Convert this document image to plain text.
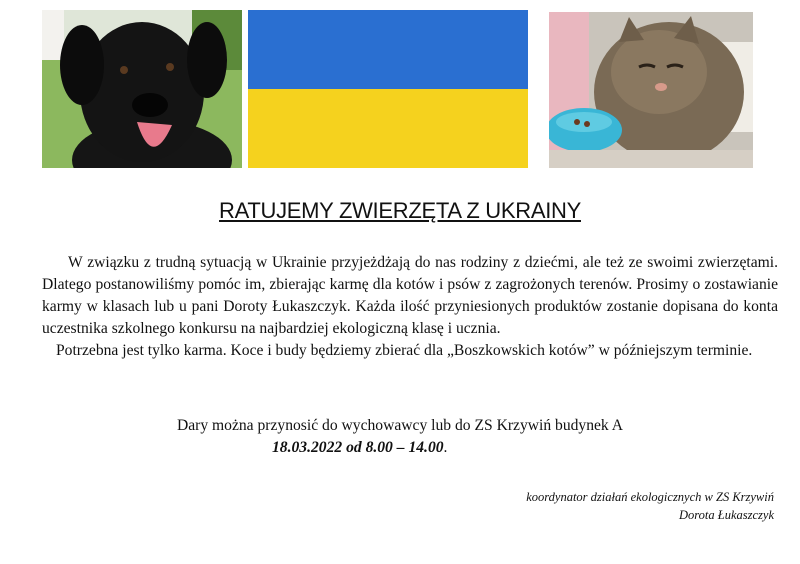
RATUJEMY ZWIERZĘTA Z UKRAINY

W związku z trudną sytuacją w Ukrainie przyjeżdżają do nas rodziny z dziećmi, ale też ze swoimi zwierzętami. Dlatego postanowiliśmy pomóc im, zbierając karmę dla kotów i psów z zagrożonych terenów. Prosimy o zostawianie karmy w klasach lub u pani Doroty Łukaszczyk. Każda ilość przyniesionych produktów zostanie dopisana do konta uczestnika szkolnego konkursu na najbardziej ekologiczną klasę i ucznia.

Potrzebna jest tylko karma. Koce i budy będziemy zbierać dla „Boszkowskich kotów” w późniejszym terminie.

Dary można przynosić do wychowawcy lub do ZS Krzywiń budynek A
18.03.2022 od 8.00 – 14.00.
koordynator działań ekologicznych w ZS Krzywiń
Dorota Łukaszczyk
